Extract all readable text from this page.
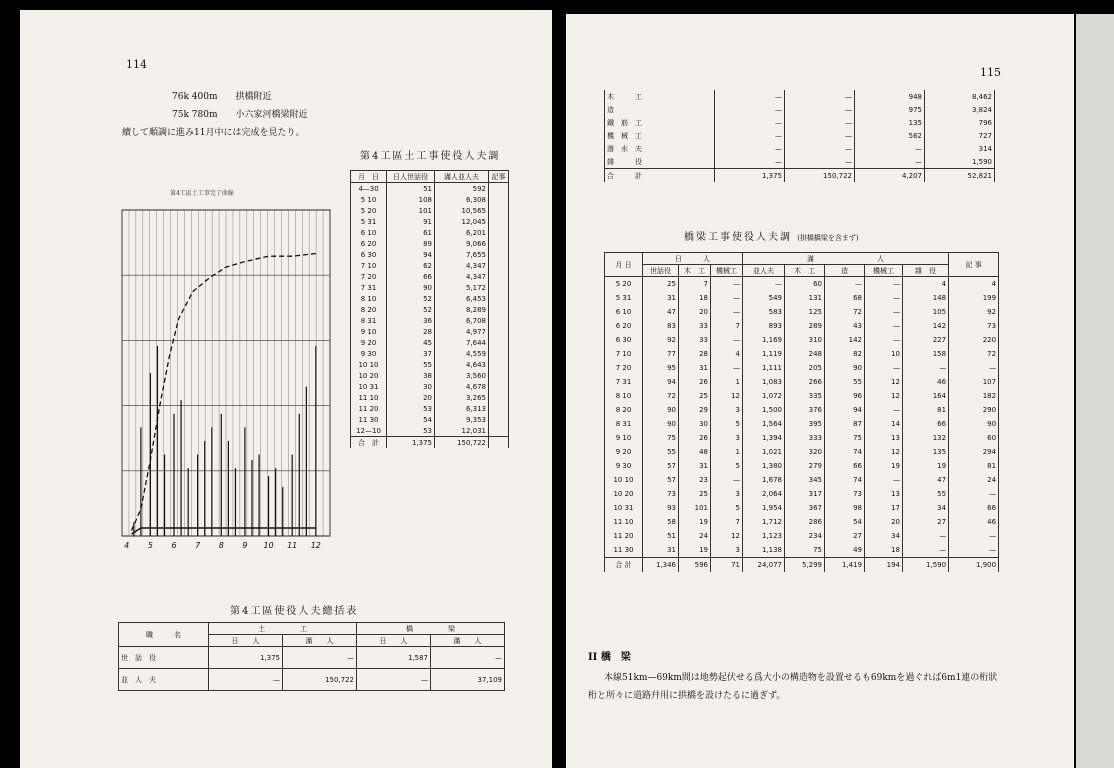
114
76k 400m　　拱橋附近
75k 780m　　小六家河橋梁附近
續して順調に進み11月中には完成を見たり。
第4工區土工事完了曲線
4 5 6 7 8 9 10 11 12
第4工區土工事使役人夫調
月　日	日人世話役	滿人並人夫	記事
4—30	51	592	
5 10	108	6,308	
5 20	101	10,565	
5 31	91	12,045	
6 10	61	6,201	
6 20	89	9,066	
6 30	94	7,655	
7 10	62	4,347	
7 20	66	4,347	
7 31	90	5,172	
8 10	52	6,453	
8 20	52	8,289	
8 31	36	6,708	
9 10	28	4,977	
9 20	45	7,644	
9 30	37	4,559	
10 10	55	4,643	
10 20	38	3,560	
10 31	30	4,678	
11 10	20	3,265	
11 20	53	6,313	
11 30	54	9,353	
12—10	53	12,031	
合　計	1,375	150,722	
第4工區使役人夫總括表
職　　　名	土　　　　　工		橋　　　　　梁	
	日　　人	滿　　人	日　　人	滿　　人
世　話　役	1,375	—	1,587	—
並　人　夫	—	150,722	—	37,109
115
木　　　工	—	—	948	8,462
造	—	—	975	3,824
鐵　筋　工	—	—	135	796
機　械　工	—	—	562	727
潛　水　夫	—	—	—	314
雜　　　役	—	—	—	1,590
合　　　計	1,375	150,722	4,207	52,821
橋梁工事使役人夫調 (拱橋橋梁を含まず)
月 日	日　　　人			滿　　　　　　　　　人					記 事
	世話役	木　工	機械工	並人夫	木　工	造	機械工	雜　役	
5 20	25	7	—	—	60	—	—	4	4
5 31	31	18	—	549	131	68	—	148	199
6 10	47	20	—	583	125	72	—	105	92
6 20	83	33	7	893	289	43	—	142	73
6 30	92	33	—	1,169	310	142	—	227	220
7 10	77	28	4	1,119	248	82	10	158	72
7 20	95	31	—	1,111	205	90	—	—	—
7 31	94	26	1	1,083	266	55	12	46	107
8 10	72	25	12	1,072	335	96	12	164	182
8 20	90	29	3	1,500	376	94	—	81	290
8 31	90	30	5	1,564	395	87	14	66	90
9 10	75	26	3	1,394	333	75	13	132	60
9 20	55	48	1	1,021	320	74	12	135	294
9 30	57	31	5	1,380	279	66	19	19	81
10 10	57	23	—	1,678	345	74	—	47	24
10 20	73	25	3	2,064	317	73	13	55	—
10 31	93	101	5	1,954	367	98	17	34	66
11 10	58	19	7	1,712	286	54	20	27	46
11 20	51	24	12	1,123	234	27	34	—	—
11 30	31	19	3	1,138	75	49	18	—	—
合 計	1,346	596	71	24,077	5,299	1,419	194	1,590	1,900
II 橋　梁
本線51km—69km間は地勢起伏せる爲大小の構造物を設置せるも69kmを過ぐれば6m1連の桁狀
桁と所々に道路幷用に拱橋を設けたるに過ぎず。
